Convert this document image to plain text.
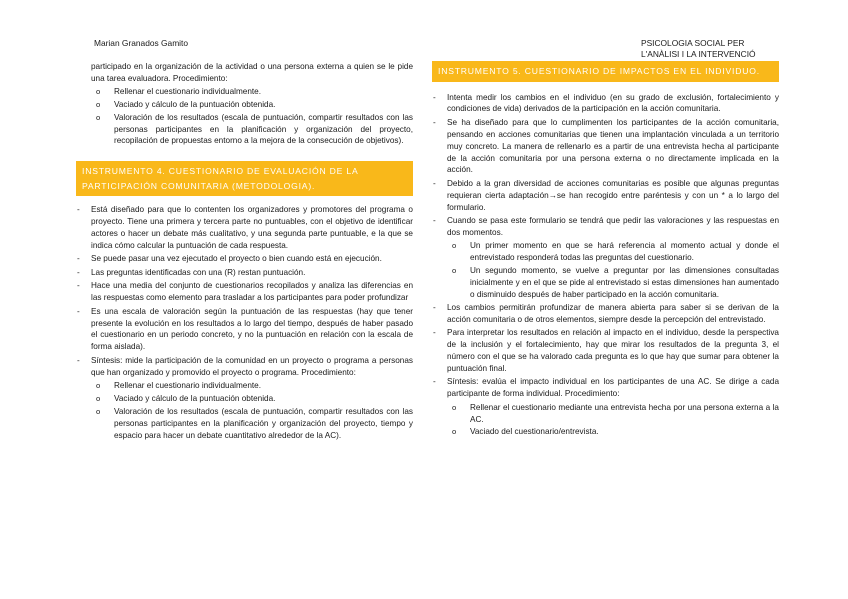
Marian Granados Gamito	PSICOLOGIA SOCIAL PER
L'ANÀLISI I LA INTERVENCIÓ
participado en la organización de la actividad o una persona externa a quien se le pide una tarea evaluadora. Procedimiento:
o Rellenar el cuestionario individualmente.
o Vaciado y cálculo de la puntuación obtenida.
o Valoración de los resultados (escala de puntuación, compartir resultados con las personas participantes en la planificación y organización del proyecto, recopilación de propuestas entorno a la mejora de la consecución de objetivos).
INSTRUMENTO 4. CUESTIONARIO DE EVALUACIÓN DE LA PARTICIPACIÓN COMUNITARIA (METODOLOGIA).
- Está diseñado para que lo contenten los organizadores y promotores del programa o proyecto. Tiene una primera y tercera parte no puntuables, con el objetivo de identificar actores o hacer un debate más cualitativo, y una segunda parte puntuable, e la que se indica cómo calcular la puntuación de cada respuesta.
- Se puede pasar una vez ejecutado el proyecto o bien cuando está en ejecución.
- Las preguntas identificadas con una (R) restan puntuación.
- Hace una media del conjunto de cuestionarios recopilados y analiza las diferencias en las respuestas como elemento para trasladar a los participantes para poder profundizar
- Es una escala de valoración según la puntuación de las respuestas (hay que tener presente la evolución en los resultados a lo largo del tiempo, después de haber pasado el cuestionario en un periodo concreto, y no la puntuación en relación con la escala de forma aislada).
- Síntesis: mide la participación de la comunidad en un proyecto o programa a personas que han organizado y promovido el proyecto o programa. Procedimiento:
o Rellenar el cuestionario individualmente.
o Vaciado y cálculo de la puntuación obtenida.
o Valoración de los resultados (escala de puntuación, compartir resultados con las personas participantes en la planificación y organización del proyecto, tiempo y espacio para hacer un debate cuantitativo alrededor de la AC).
INSTRUMENTO 5. CUESTIONARIO DE IMPACTOS EN EL INDIVIDUO.
- Intenta medir los cambios en el individuo (en su grado de exclusión, fortalecimiento y condiciones de vida) derivados de la participación en la acción comunitaria.
- Se ha diseñado para que lo cumplimenten los participantes de la acción comunitaria, pensando en acciones comunitarias que tienen una implantación vinculada a un territorio muy concreto. La manera de rellenarlo es a partir de una entrevista hecha al participante de la acción comunitaria por una persona externa o no directamente implicada en la acción.
- Debido a la gran diversidad de acciones comunitarias es posible que algunas preguntas requieran cierta adaptación→se han recogido entre paréntesis y con un * a lo largo del formulario.
- Cuando se pasa este formulario se tendrá que pedir las valoraciones y las respuestas en dos momentos.
o Un primer momento en que se hará referencia al momento actual y donde el entrevistado responderá todas las preguntas del cuestionario.
o Un segundo momento, se vuelve a preguntar por las dimensiones consultadas inicialmente y en el que se pide al entrevistado si estas dimensiones han aumentado o disminuido después de haber participado en la acción comunitaria.
- Los cambios permitirán profundizar de manera abierta para saber si se derivan de la acción comunitaria o de otros elementos, siempre desde la percepción del entrevistado.
- Para interpretar los resultados en relación al impacto en el individuo, desde la perspectiva de la inclusión y el fortalecimiento, hay que mirar los resultados de la pregunta 3, el número con el que se ha valorado cada pregunta es lo que hay que sumar para obtener la puntuación final.
- Síntesis: evalúa el impacto individual en los participantes de una AC. Se dirige a cada participante de forma individual. Procedimiento:
o Rellenar el cuestionario mediante una entrevista hecha por una persona externa a la AC.
o Vaciado del cuestionario/entrevista.
